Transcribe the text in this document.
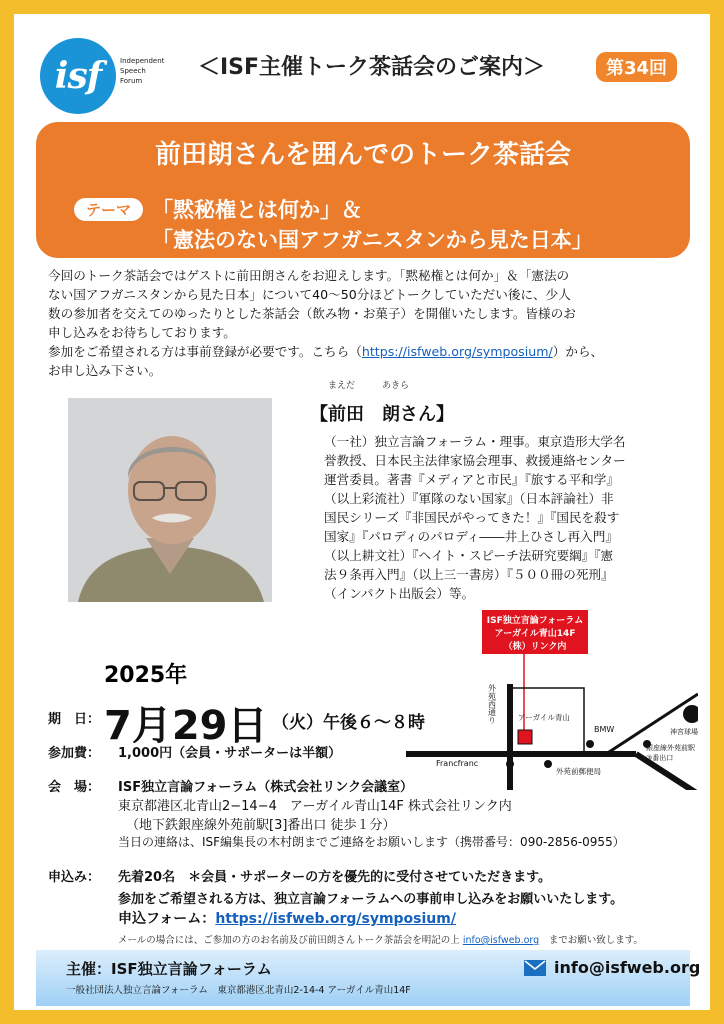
isf	Independent
Speech
Forum
＜ISF主催トーク茶話会のご案内＞	第34回
前田朗さんを囲んでのトーク茶話会
テーマ 「黙秘権とは何か」＆
「憲法のない国アフガニスタンから見た日本」
今回のトーク茶話会ではゲストに前田朗さんをお迎えします。「黙秘権とは何か」＆「憲法の
ない国アフガニスタンから見た日本」について40～50分ほどトークしていただい後に、少人
数の参加者を交えてのゆったりとした茶話会（飲み物・お菓子）を開催いたします。皆様のお
申し込みをお待ちしております。
参加をご希望される方は事前登録が必要です。こちら（https://isfweb.org/symposium/）から、
お申し込み下さい。
まえだ	あきら
【前田　朗さん】
（一社）独立言論フォーラム・理事。東京造形大学名
誉教授、日本民主法律家協会理事、救援連絡センター
運営委員。著書『メディアと市民』『旅する平和学』
（以上彩流社）『軍隊のない国家』（日本評論社）非
国民シリーズ『非国民がやってきた！』『国民を殺す
国家』『パロディのパロディ――井上ひさし再入門』
（以上耕文社）『ヘイト・スピーチ法研究要綱』『憲
法９条再入門』（以上三一書房）『５００冊の死刑』
（インパクト出版会）等。
ISF独立言論フォーラム
アーガイル青山14F
（株）リンク内
外苑西通り	アーガイル青山
BMW	神宮球場
銀座線外苑前駅
③番出口
Francfranc
外苑前郵便局
2025年
期　日： 7月29日 （火）午後６～８時
参加費： 1,000円（会員・サポーターは半額）
会　場： ISF独立言論フォーラム（株式会社リンク会議室）
東京都港区北青山2−14−4　アーガイル青山14F 株式会社リンク内
（地下鉄銀座線外苑前駅[3]番出口 徒歩１分）
当日の連絡は、ISF編集長の木村朗までご連絡をお願いします（携帯番号：090-2856-0955）
申込み： 先着20名　＊会員・サポーターの方を優先的に受付させていただきます。
参加をご希望される方は、独立言論フォーラムへの事前申し込みをお願いいたします。
申込フォーム：https://isfweb.org/symposium/
メールの場合には、ご参加の方のお名前及び前田朗さんトーク茶話会を明記の上 info@isfweb.org　までお願い致します。
主催：ISF独立言論フォーラム
一般社団法人独立言論フォーラム　東京都港区北青山2-14-4 アーガイル青山14F
info@isfweb.org
